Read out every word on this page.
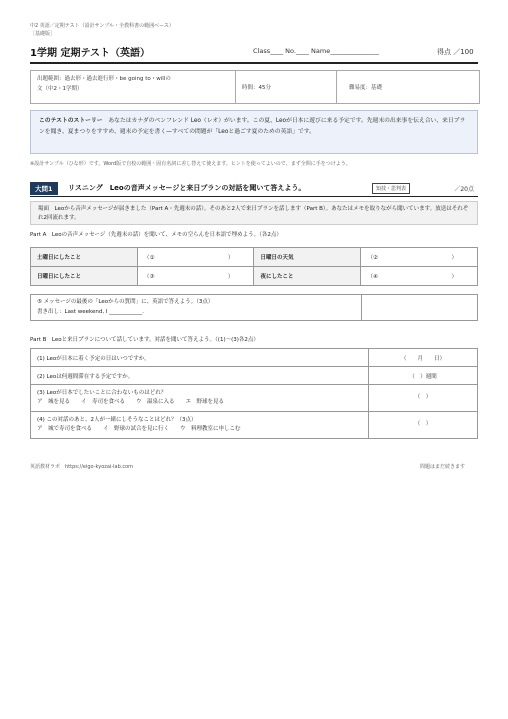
中2 英語／定期テスト（設計サンプル・全教科書の範囲ベース）
［基礎版］
1学期 定期テスト（英語）	Class____ No.____ Name_______________	得点 ／100
出題範囲：過去形・過去進行形・be going to・willの
文（中2・1学期）	時間：45分	難易度：基礎
このテストのストーリー　 あなたはカナダのペンフレンド Leo（レオ）がいます。この夏、Leoが日本に遊びに来る予定です。先週末の出来事を伝え合い、来日プランを聞き、夏まつりをすすめ、週末の予定を書く—すべての問題が「Leoと過ごす夏のための英語」です。
※設計サンプル（ひな形）です。Word版で自校の範囲・固有名詞に差し替えて使えます。ヒントを使ってよいので、まず全問に手をつけよう。
大問1	リスニング　Leoの音声メッセージと来日プランの対話を聞いて答えよう。	知技・思判表	／20点
場面　Leoから音声メッセージが届きました（Part A・先週末の話）。そのあと2人で来日プランを話します（Part B）。あなたはメモを取りながら聞いています。放送はそれぞれ2回流れます。
Part A　Leoの音声メッセージ（先週末の話）を聞いて、メモの空らんを日本語で埋めよう。（各2点）
土曜日にしたこと	（① ）	日曜日の天気	（② ）

日曜日にしたこと	（③ ）	夜にしたこと	（④ ）
⑤ メッセージの最後の「Leoからの質問」に、英語で答えよう。（3点）
書き出し：Last weekend, I ____________.
Part B　Leoと来日プランについて話しています。対話を聞いて答えよう。（(1)〜(3)各2点）
(1) Leoが日本に着く予定の日はいつですか。	（　　月　　日）
(2) Leoは何週間滞在する予定ですか。	（　）週間

(3) Leoが日本でしたいことに合わないものはどれ？
ア　城を見る　　イ　寿司を食べる　　ウ　温泉に入る　　エ　野球を見る	（　）

(4) この対話のあと、2人が一緒にしそうなことはどれ？（3点）
ア　城で寿司を食べる　　イ　野球の試合を見に行く　　ウ　料理教室に申しこむ	（　）
英語教材ラボ　https://eigo-kyozai-lab.com	問題はまだ続きます
